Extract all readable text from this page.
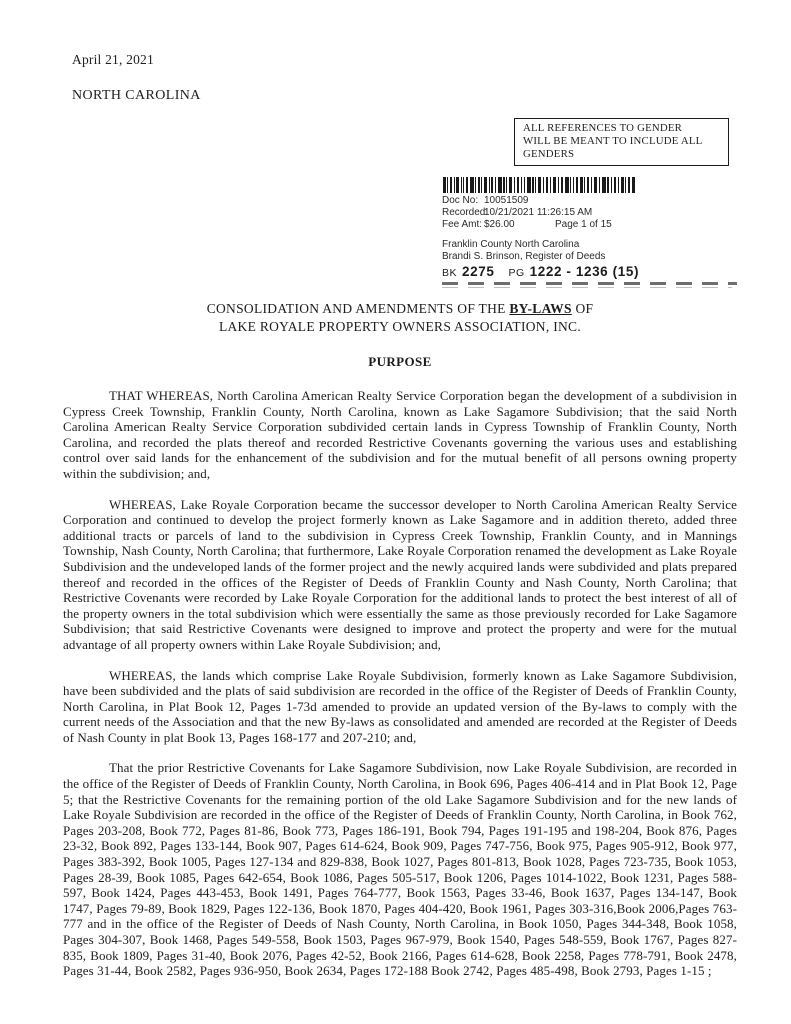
April 21, 2021
NORTH CAROLINA
ALL REFERENCES TO GENDER
WILL BE MEANT TO INCLUDE ALL
GENDERS
Doc No: 10051509
Recorded:
10/21/2021 11:26:15 AM
Fee Amt: $26.00	Page 1 of 15
Franklin County North Carolina
Brandi S. Brinson, Register of Deeds
BK 2275 PG 1222 - 1236 (15)
CONSOLIDATION AND AMENDMENTS OF THE BY-LAWS OF
LAKE ROYALE PROPERTY OWNERS ASSOCIATION, INC.
PURPOSE

THAT WHEREAS, North Carolina American Realty Service Corporation began the development of a subdivision in Cypress Creek Township, Franklin County, North Carolina, known as Lake Sagamore Subdivision; that the said North Carolina American Realty Service Corporation subdivided certain lands in Cypress Township of Franklin County, North Carolina, and recorded the plats thereof and recorded Restrictive Covenants governing the various uses and establishing control over said lands for the enhancement of the subdivision and for the mutual benefit of all persons owning property within the subdivision; and,

WHEREAS, Lake Royale Corporation became the successor developer to North Carolina American Realty Service Corporation and continued to develop the project formerly known as Lake Sagamore and in addition thereto, added three additional tracts or parcels of land to the subdivision in Cypress Creek Township, Franklin County, and in Mannings Township, Nash County, North Carolina; that furthermore, Lake Royale Corporation renamed the development as Lake Royale Subdivision and the undeveloped lands of the former project and the newly acquired lands were subdivided and plats prepared thereof and recorded in the offices of the Register of Deeds of Franklin County and Nash County, North Carolina; that Restrictive Covenants were recorded by Lake Royale Corporation for the additional lands to protect the best interest of all of the property owners in the total subdivision which were essentially the same as those previously recorded for Lake Sagamore Subdivision; that said Restrictive Covenants were designed to improve and protect the property and were for the mutual advantage of all property owners within Lake Royale Subdivision; and,

WHEREAS, the lands which comprise Lake Royale Subdivision, formerly known as Lake Sagamore Subdivision, have been subdivided and the plats of said subdivision are recorded in the office of the Register of Deeds of Franklin County, North Carolina, in Plat Book 12, Pages 1-73d amended to provide an updated version of the By-laws to comply with the current needs of the Association and that the new By-laws as consolidated and amended are recorded at the Register of Deeds of Nash County in plat Book 13, Pages 168-177 and 207-210; and,

That the prior Restrictive Covenants for Lake Sagamore Subdivision, now Lake Royale Subdivision, are recorded in the office of the Register of Deeds of Franklin County, North Carolina, in Book 696, Pages 406-414 and in Plat Book 12, Page 5; that the Restrictive Covenants for the remaining portion of the old Lake Sagamore Subdivision and for the new lands of Lake Royale Subdivision are recorded in the office of the Register of Deeds of Franklin County, North Carolina, in Book 762, Pages 203-208, Book 772, Pages 81-86, Book 773, Pages 186-191, Book 794, Pages 191-195 and 198-204, Book 876, Pages 23-32, Book 892, Pages 133-144, Book 907, Pages 614-624, Book 909, Pages 747-756, Book 975, Pages 905-912, Book 977, Pages 383-392, Book 1005, Pages 127-134 and 829-838, Book 1027, Pages 801-813, Book 1028, Pages 723-735, Book 1053, Pages 28-39, Book 1085, Pages 642-654, Book 1086, Pages 505-517, Book 1206, Pages 1014-1022, Book 1231, Pages 588-597, Book 1424, Pages 443-453, Book 1491, Pages 764-777, Book 1563, Pages 33-46, Book 1637, Pages 134-147, Book 1747, Pages 79-89, Book 1829, Pages 122-136, Book 1870, Pages 404-420, Book 1961, Pages 303-316,Book 2006,Pages 763-777 and in the office of the Register of Deeds of Nash County, North Carolina, in Book 1050, Pages 344-348, Book 1058, Pages 304-307, Book 1468, Pages 549-558, Book 1503, Pages 967-979, Book 1540, Pages 548-559, Book 1767, Pages 827-835, Book 1809, Pages 31-40, Book 2076, Pages 42-52, Book 2166, Pages 614-628, Book 2258, Pages 778-791, Book 2478, Pages 31-44, Book 2582, Pages 936-950, Book 2634, Pages 172-188 Book 2742, Pages 485-498, Book 2793, Pages 1-15 ;
